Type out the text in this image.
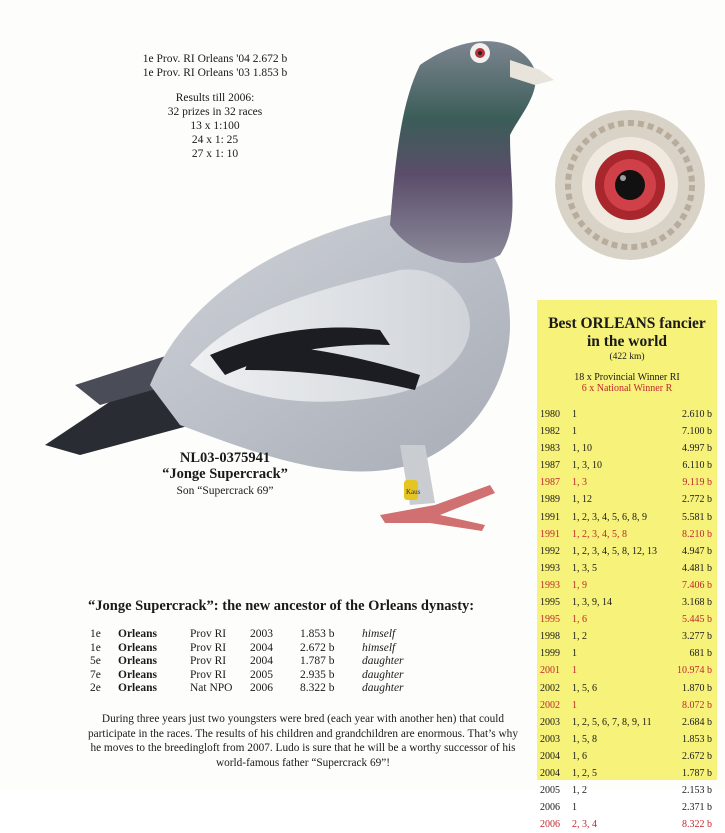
1e Prov. RI Orleans '04 2.672 b
1e Prov. RI Orleans '03 1.853 b
Results till 2006:
32 prizes in 32 races
13 x 1:100
24 x 1: 25
27 x 1: 10
Kaus
NL03-0375941
“Jonge Supercrack”
Son “Supercrack 69”
Best ORLEANS fancier
in the world
(422 km)
18 x Provincial Winner RI
6 x National Winner R
1980 1	2.610 b
1982 1	7.100 b
1983 1, 10	4.997 b
1987 1, 3, 10	6.110 b
1987 1, 3	9.119 b
1989 1, 12	2.772 b
1991 1, 2, 3, 4, 5, 6, 8, 9	5.581 b
1991 1, 2, 3, 4, 5, 8	8.210 b
1992 1, 2, 3, 4, 5, 8, 12, 13	4.947 b
1993 1, 3, 5	4.481 b
1993 1, 9	7.406 b
1995 1, 3, 9, 14	3.168 b
1995 1, 6	5.445 b
1998 1, 2	3.277 b
1999 1	681 b
2001 1	10.974 b
2002 1, 5, 6	1.870 b
2002 1	8.072 b
2003 1, 2, 5, 6, 7, 8, 9, 11	2.684 b
2003 1, 5, 8	1.853 b
2004 1, 6	2.672 b
2004 1, 2, 5	1.787 b
2005 1, 2	2.153 b
2006 1	2.371 b
2006 2, 3, 4	8.322 b
“Jonge Supercrack”: the new ancestor of the Orleans dynasty:
1e Orleans	Prov RI 2003 1.853 b himself
1e Orleans	Prov RI 2004 2.672 b himself
5e Orleans	Prov RI 2004 1.787 b daughter
7e Orleans	Prov RI 2005 2.935 b daughter
2e Orleans	Nat NPO 2006 8.322 b daughter
During three years just two youngsters were bred (each year with another hen) that could participate in the races. The results of his children and grandchildren are enormous. That’s why he moves to the breedingloft from 2007. Ludo is sure that he will be a worthy successor of his world-famous father “Supercrack 69”!
